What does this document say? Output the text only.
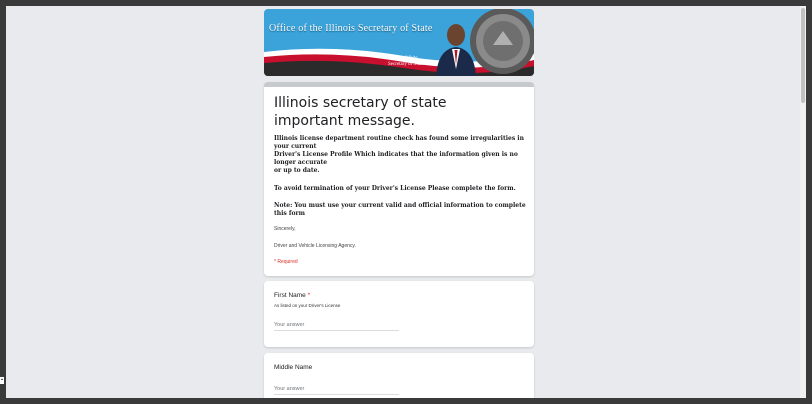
Office of the Illinois Secretary of State
Jesse White
Secretary of State
Illinois secretary of state important message.
Illinois license department routine check has found some irregularities in your current
Driver's License Profile Which indicates that the information given is no longer accurate
or up to date.
To avoid termination of your Driver's License Please complete the form.
Note: You must use your current valid and official information to complete this form
Sincerely,
Driver and Vehicle Licensing Agency.
* Required
First Name *
As listed on your Driver's License
Your answer
Middle Name
Your answer
▪
